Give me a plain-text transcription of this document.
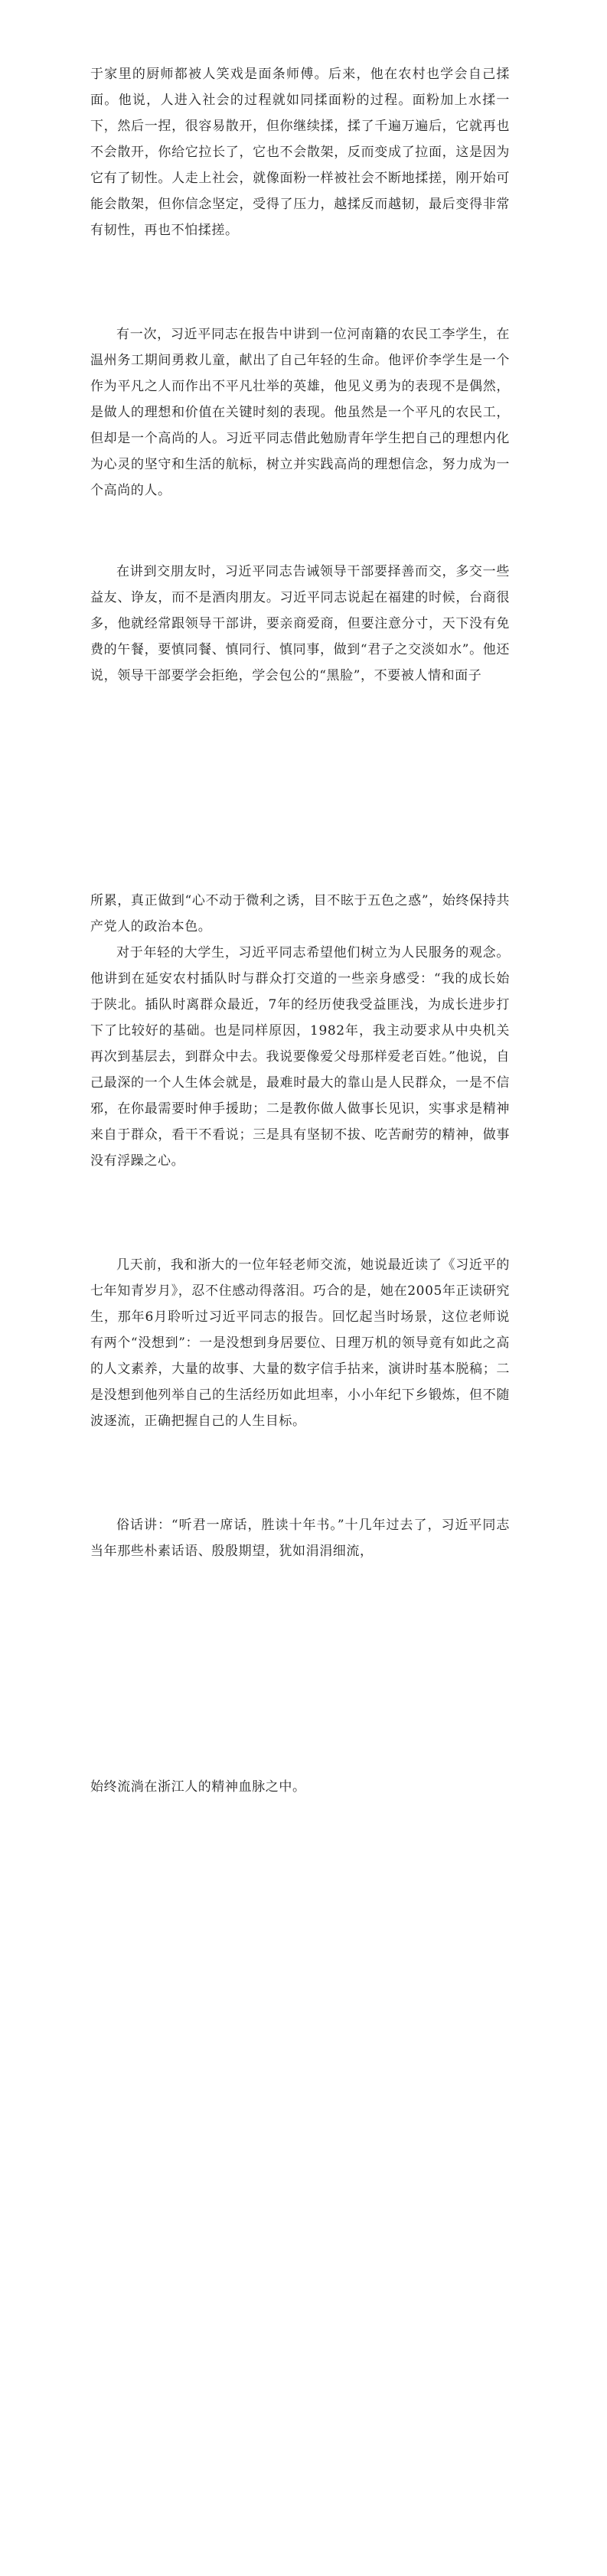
于家里的厨师都被人笑戏是面条师傅。后来，他在农村也学会自己揉面。他说，人进入社会的过程就如同揉面粉的过程。面粉加上水揉一下，然后一捏，很容易散开，但你继续揉，揉了千遍万遍后，它就再也不会散开，你给它拉长了，它也不会散架，反而变成了拉面，这是因为它有了韧性。人走上社会，就像面粉一样被社会不断地揉搓，刚开始可能会散架，但你信念坚定，受得了压力，越揉反而越韧，最后变得非常有韧性，再也不怕揉搓。

有一次，习近平同志在报告中讲到一位河南籍的农民工李学生，在温州务工期间勇救儿童，献出了自己年轻的生命。他评价李学生是一个作为平凡之人而作出不平凡壮举的英雄，他见义勇为的表现不是偶然，是做人的理想和价值在关键时刻的表现。他虽然是一个平凡的农民工，但却是一个高尚的人。习近平同志借此勉励青年学生把自己的理想内化为心灵的坚守和生活的航标，树立并实践高尚的理想信念，努力成为一个高尚的人。

在讲到交朋友时，习近平同志告诫领导干部要择善而交，多交一些益友、诤友，而不是酒肉朋友。习近平同志说起在福建的时候，台商很多，他就经常跟领导干部讲，要亲商爱商，但要注意分寸，天下没有免费的午餐，要慎同餐、慎同行、慎同事，做到“君子之交淡如水”。他还说，领导干部要学会拒绝，学会包公的“黑脸”，不要被人情和面子

所累，真正做到“心不动于微利之诱，目不眩于五色之惑”，始终保持共产党人的政治本色。

对于年轻的大学生，习近平同志希望他们树立为人民服务的观念。他讲到在延安农村插队时与群众打交道的一些亲身感受：“我的成长始于陕北。插队时离群众最近，7年的经历使我受益匪浅，为成长进步打下了比较好的基础。也是同样原因，1982年，我主动要求从中央机关再次到基层去，到群众中去。我说要像爱父母那样爱老百姓。”他说，自己最深的一个人生体会就是，最难时最大的靠山是人民群众，一是不信邪，在你最需要时伸手援助；二是教你做人做事长见识，实事求是精神来自于群众，看干不看说；三是具有坚韧不拔、吃苦耐劳的精神，做事没有浮躁之心。

几天前，我和浙大的一位年轻老师交流，她说最近读了《习近平的七年知青岁月》，忍不住感动得落泪。巧合的是，她在2005年正读研究生，那年6月聆听过习近平同志的报告。回忆起当时场景，这位老师说有两个“没想到”：一是没想到身居要位、日理万机的领导竟有如此之高的人文素养，大量的故事、大量的数字信手拈来，演讲时基本脱稿；二是没想到他列举自己的生活经历如此坦率，小小年纪下乡锻炼，但不随波逐流，正确把握自己的人生目标。

俗话讲：“听君一席话，胜读十年书。”十几年过去了，习近平同志当年那些朴素话语、殷殷期望，犹如涓涓细流，

始终流淌在浙江人的精神血脉之中。
